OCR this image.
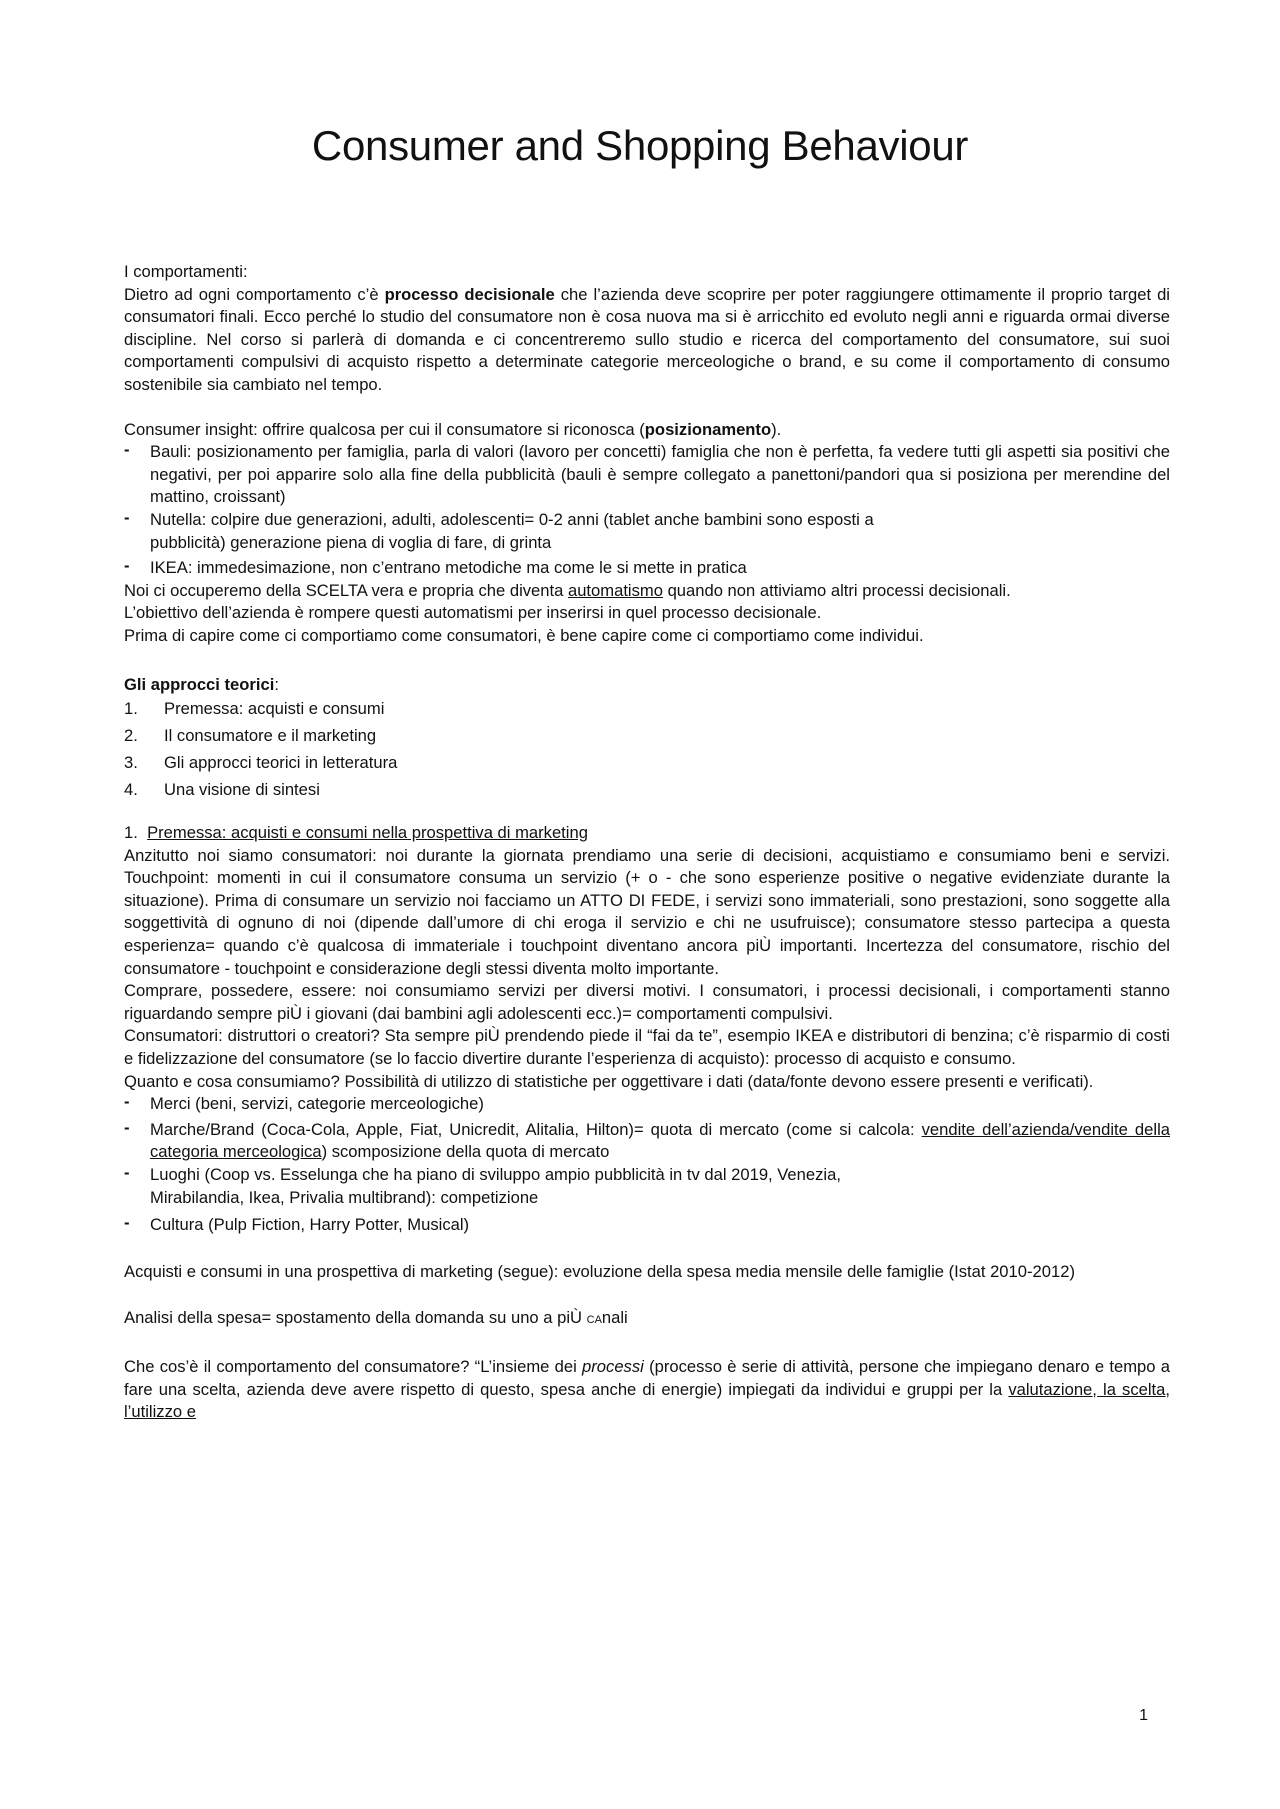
Consumer and Shopping Behaviour

I comportamenti:

Dietro ad ogni comportamento c’è processo decisionale che l’azienda deve scoprire per poter raggiungere ottimamente il proprio target di consumatori finali. Ecco perché lo studio del consumatore non è cosa nuova ma si è arricchito ed evoluto negli anni e riguarda ormai diverse discipline. Nel corso si parlerà di domanda e ci concentreremo sullo studio e ricerca del comportamento del consumatore, sui suoi comportamenti compulsivi di acquisto rispetto a determinate categorie merceologiche o brand, e su come il comportamento di consumo sostenibile sia cambiato nel tempo.

Consumer insight: offrire qualcosa per cui il consumatore si riconosca (posizionamento).

- Bauli: posizionamento per famiglia, parla di valori (lavoro per concetti) famiglia che non è perfetta, fa vedere tutti gli aspetti sia positivi che negativi, per poi apparire solo alla fine della pubblicità (bauli è sempre collegato a panettoni/pandori qua si posiziona per merendine del mattino, croissant)
- Nutella: colpire due generazioni, adulti, adolescenti= 0-2 anni (tablet anche bambini sono esposti a pubblicità) generazione piena di voglia di fare, di grinta
- IKEA: immedesimazione, non c’entrano metodiche ma come le si mette in pratica

Noi ci occuperemo della SCELTA vera e propria che diventa automatismo quando non attiviamo altri processi decisionali.

L’obiettivo dell’azienda è rompere questi automatismi per inserirsi in quel processo decisionale.

Prima di capire come ci comportiamo come consumatori, è bene capire come ci comportiamo come individui.

Gli approcci teorici:

1.	Premessa: acquisti e consumi
2.	Il consumatore e il marketing
3.	Gli approcci teorici in letteratura
4.	Una visione di sintesi

1. Premessa: acquisti e consumi nella prospettiva di marketing

Anzitutto noi siamo consumatori: noi durante la giornata prendiamo una serie di decisioni, acquistiamo e consumiamo beni e servizi. Touchpoint: momenti in cui il consumatore consuma un servizio (+ o - che sono esperienze positive o negative evidenziate durante la situazione). Prima di consumare un servizio noi facciamo un ATTO DI FEDE, i servizi sono immateriali, sono prestazioni, sono soggette alla soggettività di ognuno di noi (dipende dall’umore di chi eroga il servizio e chi ne usufruisce); consumatore stesso partecipa a questa esperienza= quando c’è qualcosa di immateriale i touchpoint diventano ancora piÙ importanti. Incertezza del consumatore, rischio del consumatore - touchpoint e considerazione degli stessi diventa molto importante.

Comprare, possedere, essere: noi consumiamo servizi per diversi motivi. I consumatori, i processi decisionali, i comportamenti stanno riguardando sempre piÙ i giovani (dai bambini agli adolescenti ecc.)= comportamenti compulsivi.

Consumatori: distruttori o creatori? Sta sempre piÙ prendendo piede il “fai da te”, esempio IKEA e distributori di benzina; c’è risparmio di costi e fidelizzazione del consumatore (se lo faccio divertire durante l’esperienza di acquisto): processo di acquisto e consumo.

Quanto e cosa consumiamo? Possibilità di utilizzo di statistiche per oggettivare i dati (data/fonte devono essere presenti e verificati).

- Merci (beni, servizi, categorie merceologiche)
- Marche/Brand (Coca-Cola, Apple, Fiat, Unicredit, Alitalia, Hilton)= quota di mercato (come si calcola: vendite dell’azienda/vendite della categoria merceologica) scomposizione della quota di mercato
- Luoghi (Coop vs. Esselunga che ha piano di sviluppo ampio pubblicità in tv dal 2019, Venezia, Mirabilandia, Ikea, Privalia multibrand): competizione
- Cultura (Pulp Fiction, Harry Potter, Musical)

Acquisti e consumi in una prospettiva di marketing (segue): evoluzione della spesa media mensile delle famiglie (Istat 2010-2012)

Analisi della spesa= spostamento della domanda su uno a piÙ CAnali

Che cos’è il comportamento del consumatore? “L’insieme dei processi (processo è serie di attività, persone che impiegano denaro e tempo a fare una scelta, azienda deve avere rispetto di questo, spesa anche di energie) impiegati da individui e gruppi per la valutazione, la scelta, l’utilizzo e

1
